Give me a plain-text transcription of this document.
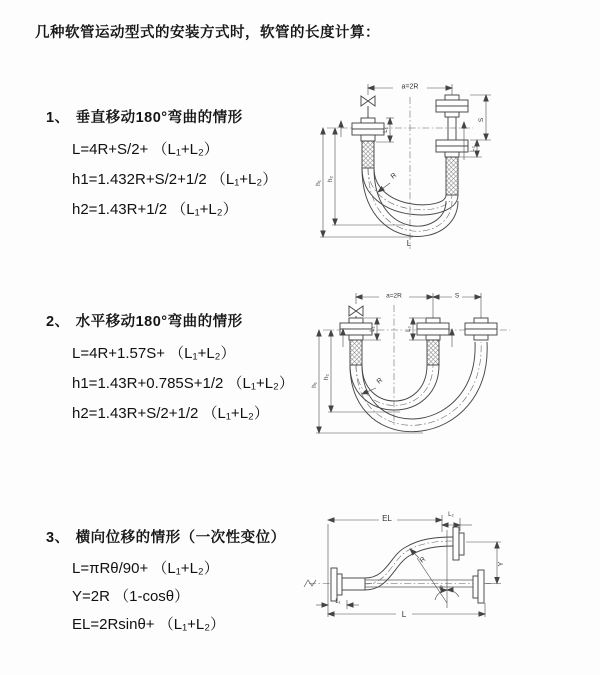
几种软管运动型式的安装方式时，软管的长度计算：
1、 垂直移动180°弯曲的情形
L=4R+S/2+ （L₁+L₂）
h1=1.432R+S/2+1/2 （L₁+L₂）
h2=1.43R+1/2 （L₁+L₂）
a=2R
S
L₂
L₁
h₁
h₂	R
L
2、 水平移动180°弯曲的情形
L=4R+1.57S+ （L₁+L₂）
h1=1.43R+0.785S+1/2 （L₁+L₂）
h2=1.43R+S/2+1/2 （L₁+L₂）
a=2R	S
L₁	L₂
h₁
h₂	R
3、 横向位移的情形（一次性变位）
L=πRθ/90+ （L₁+L₂）
Y=2R （1-cosθ）
EL=2Rsinθ+ （L₁+L₂）
EL	L₂
Y
θ
R
L
L₁
